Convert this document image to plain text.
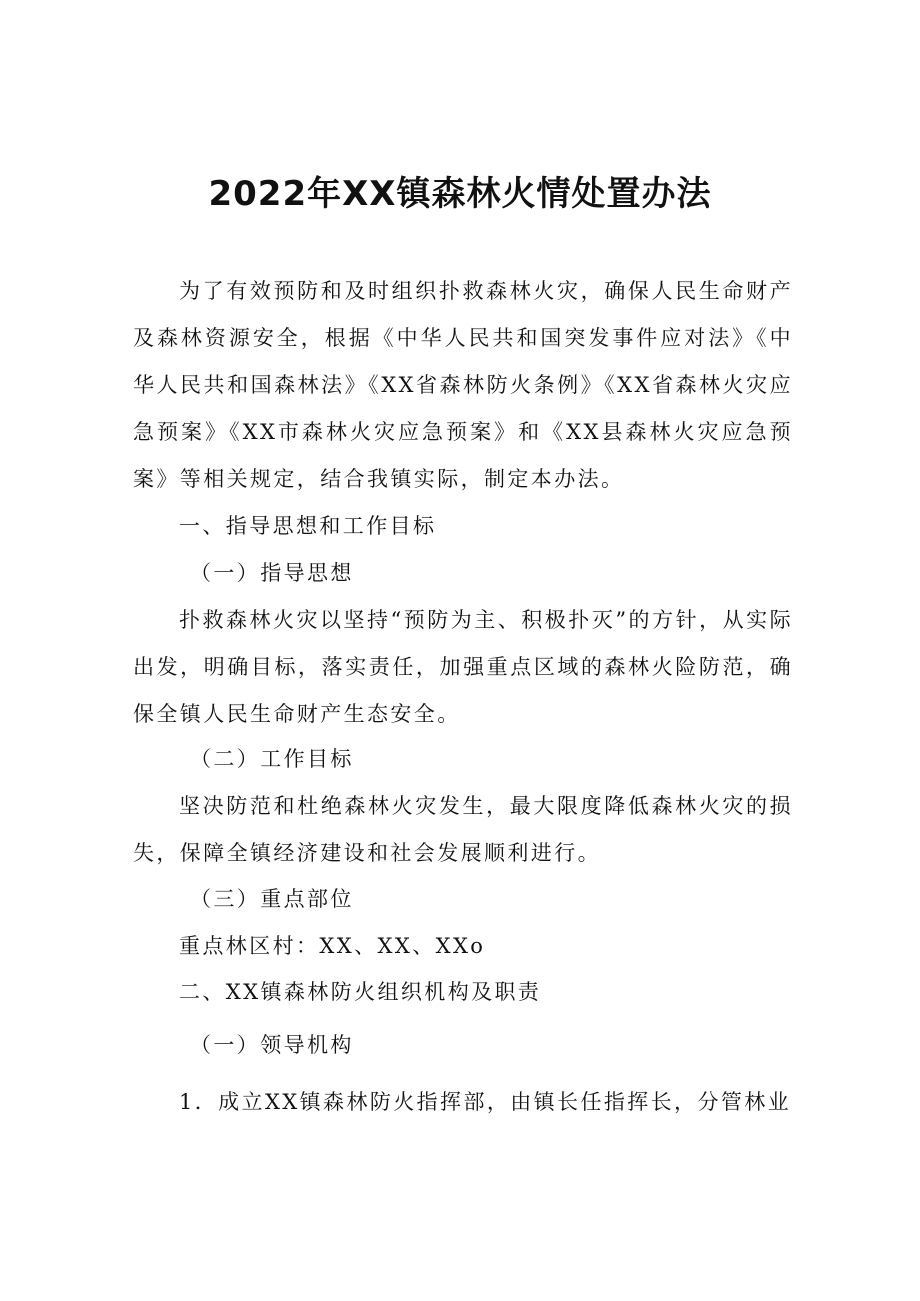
2022年XX镇森林火情处置办法

为了有效预防和及时组织扑救森林火灾，确保人民生命财产及森林资源安全，根据《中华人民共和国突发事件应对法》《中华人民共和国森林法》《XX省森林防火条例》《XX省森林火灾应急预案》《XX市森林火灾应急预案》和《XX县森林火灾应急预案》等相关规定，结合我镇实际，制定本办法。

一、指导思想和工作目标

（一）指导思想

扑救森林火灾以坚持“预防为主、积极扑灭”的方针，从实际出发，明确目标，落实责任，加强重点区域的森林火险防范，确保全镇人民生命财产生态安全。

（二）工作目标

坚决防范和杜绝森林火灾发生，最大限度降低森林火灾的损失，保障全镇经济建设和社会发展顺利进行。

（三）重点部位

重点林区村：XX、XX、XXo

二、XX镇森林防火组织机构及职责

（一）领导机构

1．成立XX镇森林防火指挥部，由镇长任指挥长，分管林业
